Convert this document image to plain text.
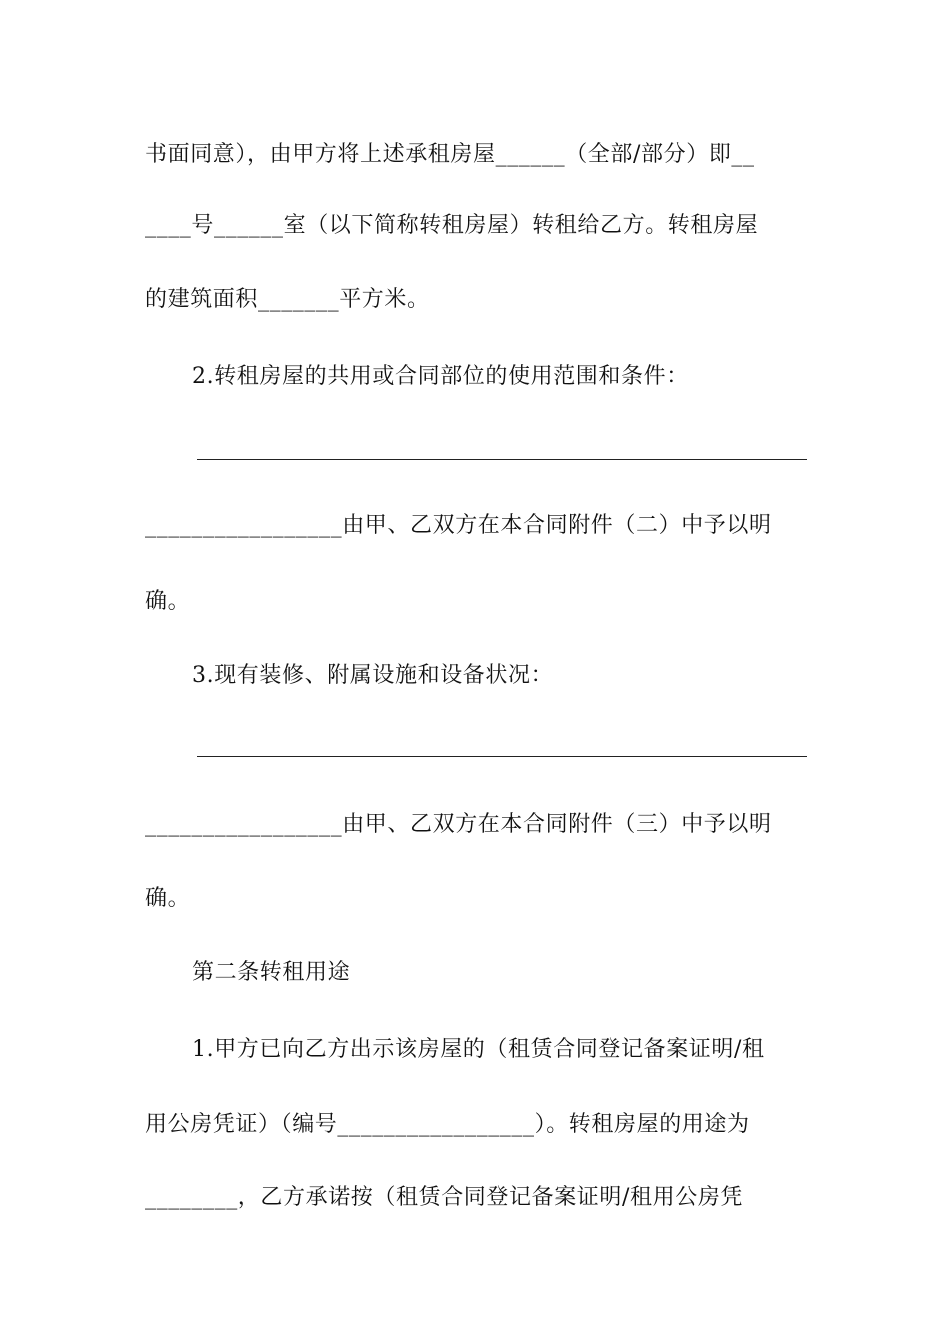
书面同意），由甲方将上述承租房屋______（全部/部分）即__
____号______室（以下简称转租房屋）转租给乙方。转租房屋
的建筑面积_______平方米。
2.转租房屋的共用或合同部位的使用范围和条件：
_________________由甲、乙双方在本合同附件（二）中予以明
确。
3.现有装修、附属设施和设备状况：
_________________由甲、乙双方在本合同附件（三）中予以明
确。
第二条转租用途
1.甲方已向乙方出示该房屋的（租赁合同登记备案证明/租
用公房凭证）（编号_________________）。转租房屋的用途为
________，乙方承诺按（租赁合同登记备案证明/租用公房凭
